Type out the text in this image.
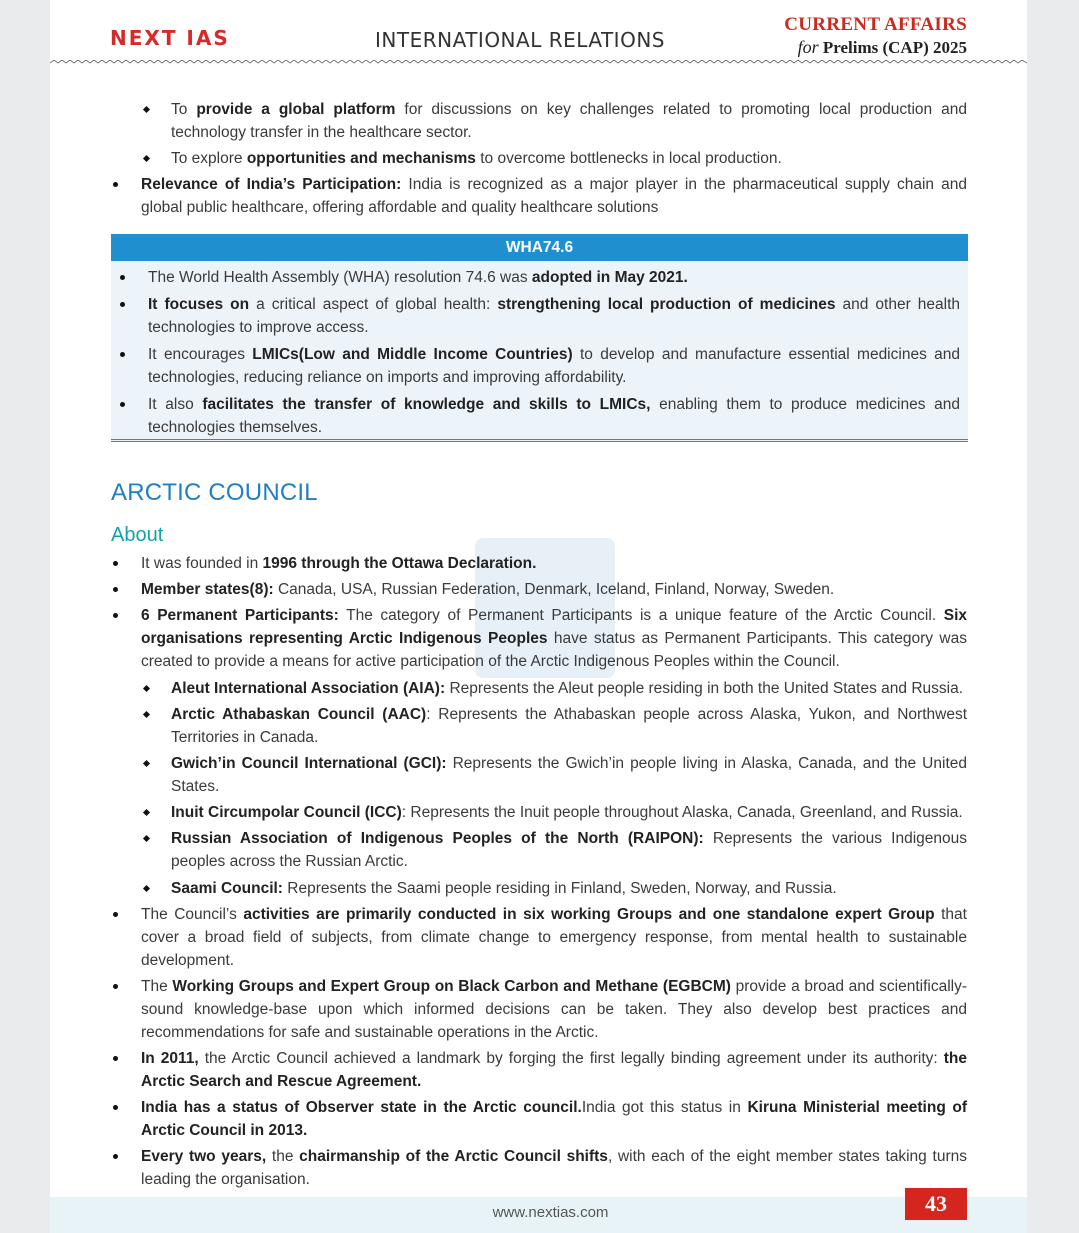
NEXT IAS	INTERNATIONAL RELATIONS
CURRENT AFFAIRS
for Prelims (CAP) 2025
To provide a global platform for discussions on key challenges related to promoting local production and technology transfer in the healthcare sector.
To explore opportunities and mechanisms to overcome bottlenecks in local production.
Relevance of India’s Participation: India is recognized as a major player in the pharmaceutical supply chain and global public healthcare, offering affordable and quality healthcare solutions
WHA74.6
The World Health Assembly (WHA) resolution 74.6 was adopted in May 2021.
It focuses on a critical aspect of global health: strengthening local production of medicines and other health technologies to improve access.
It encourages LMICs(Low and Middle Income Countries) to develop and manufacture essential medicines and technologies, reducing reliance on imports and improving affordability.
It also facilitates the transfer of knowledge and skills to LMICs, enabling them to produce medicines and technologies themselves.
ARCTIC COUNCIL
About
It was founded in 1996 through the Ottawa Declaration.
Member states(8): Canada, USA, Russian Federation, Denmark, Iceland, Finland, Norway, Sweden.
6 Permanent Participants: The category of Permanent Participants is a unique feature of the Arctic Council. Six organisations representing Arctic Indigenous Peoples have status as Permanent Participants. This category was created to provide a means for active participation of the Arctic Indigenous Peoples within the Council.
Aleut International Association (AIA): Represents the Aleut people residing in both the United States and Russia.
Arctic Athabaskan Council (AAC): Represents the Athabaskan people across Alaska, Yukon, and Northwest Territories in Canada.
Gwich’in Council International (GCI): Represents the Gwich’in people living in Alaska, Canada, and the United States.
Inuit Circumpolar Council (ICC): Represents the Inuit people throughout Alaska, Canada, Greenland, and Russia.
Russian Association of Indigenous Peoples of the North (RAIPON): Represents the various Indigenous peoples across the Russian Arctic.
Saami Council: Represents the Saami people residing in Finland, Sweden, Norway, and Russia.
The Council’s activities are primarily conducted in six working Groups and one standalone expert Group that cover a broad field of subjects, from climate change to emergency response, from mental health to sustainable development.
The Working Groups and Expert Group on Black Carbon and Methane (EGBCM) provide a broad and scientifically-sound knowledge-base upon which informed decisions can be taken. They also develop best practices and recommendations for safe and sustainable operations in the Arctic.
In 2011, the Arctic Council achieved a landmark by forging the first legally binding agreement under its authority: the Arctic Search and Rescue Agreement.
India has a status of Observer state in the Arctic council.India got this status in Kiruna Ministerial meeting of Arctic Council in 2013.
Every two years, the chairmanship of the Arctic Council shifts, with each of the eight member states taking turns leading the organisation.
www.nextias.com	43
